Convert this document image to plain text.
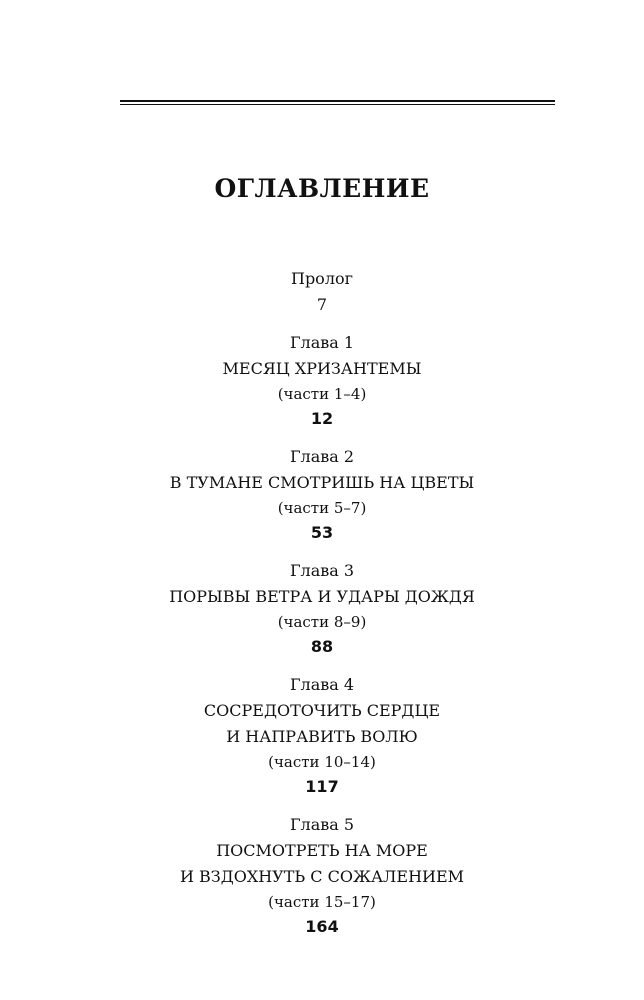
ОГЛАВЛЕНИЕ
Пролог
7
Глава 1
МЕСЯЦ ХРИЗАНТЕМЫ
(части 1–4)
12
Глава 2
В ТУМАНЕ СМОТРИШЬ НА ЦВЕТЫ
(части 5–7)
53
Глава 3
ПОРЫВЫ ВЕТРА И УДАРЫ ДОЖДЯ
(части 8–9)
88
Глава 4
СОСРЕДОТОЧИТЬ СЕРДЦЕ
И НАПРАВИТЬ ВОЛЮ
(части 10–14)
117
Глава 5
ПОСМОТРЕТЬ НА МОРЕ
И ВЗДОХНУТЬ С СОЖАЛЕНИЕМ
(части 15–17)
164
